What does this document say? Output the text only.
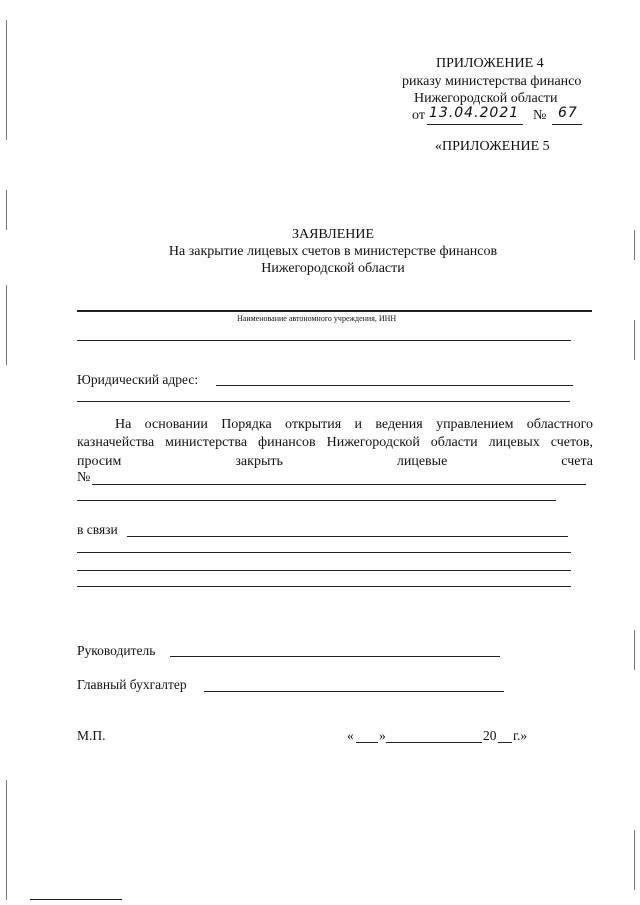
ПРИЛОЖЕНИЕ 4
риказу министерства финансо
Нижегородской области
от 13.04.2021 № 67
«ПРИЛОЖЕНИЕ 5
ЗАЯВЛЕНИЕ
На закрытие лицевых счетов в министерстве финансов
Нижегородской области
Наименование автономного учреждения, ИНН
Юридический адрес:
На основании Порядка открытия и ведения управлением областного
казначейства министерства финансов Нижегородской области лицевых счетов,
просим	закрыть	лицевые	счета
№
в связи
Руководитель
Главный бухгалтер
М.П.	« »	20 г.»
